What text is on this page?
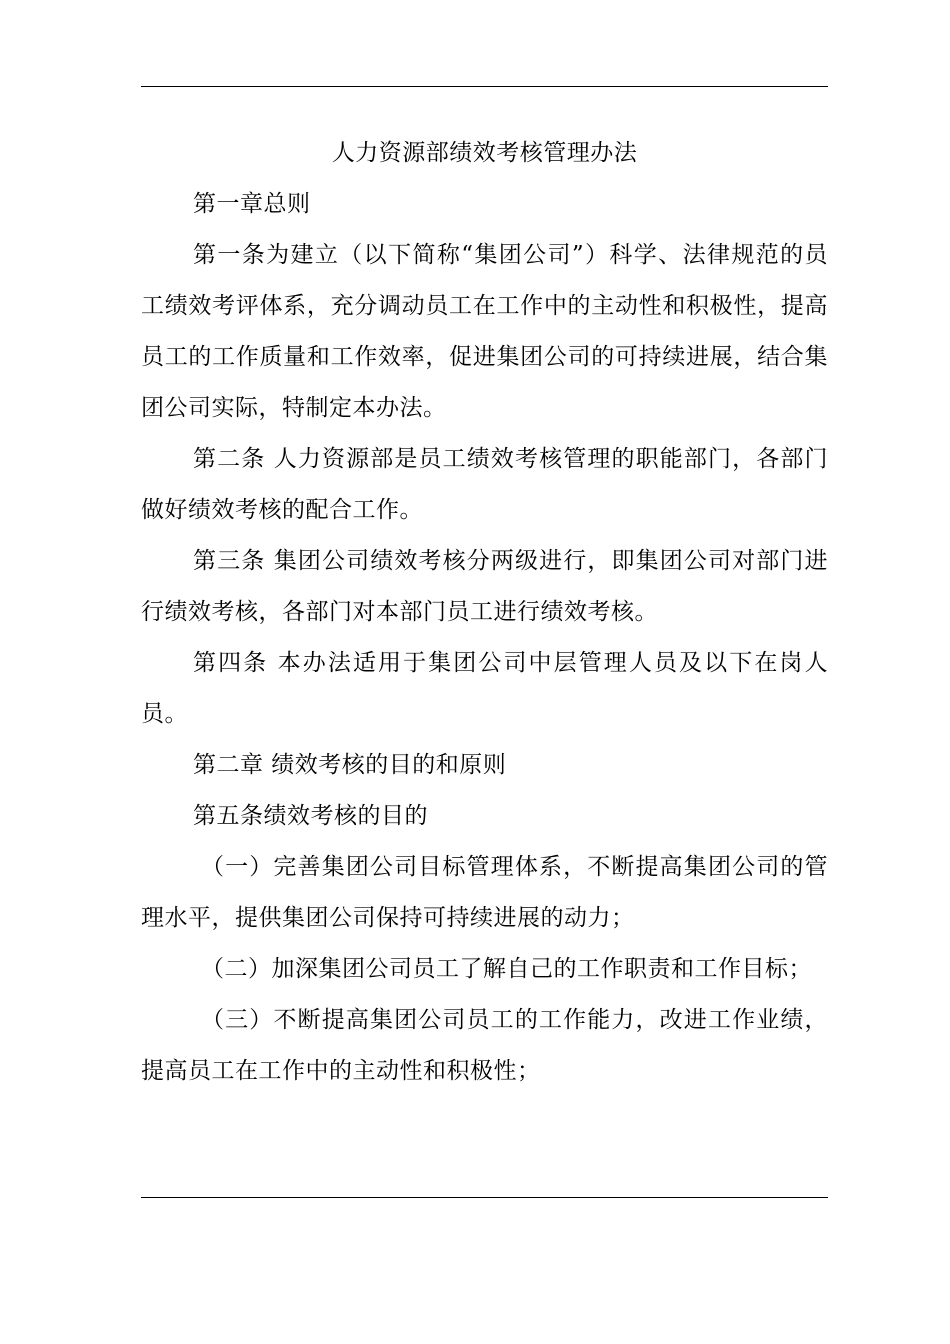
人力资源部绩效考核管理办法

第一章总则

第一条为建立（以下简称“集团公司”）科学、法律规范的员工绩效考评体系，充分调动员工在工作中的主动性和积极性，提高员工的工作质量和工作效率，促进集团公司的可持续进展，结合集团公司实际，特制定本办法。

第二条 人力资源部是员工绩效考核管理的职能部门，各部门做好绩效考核的配合工作。

第三条 集团公司绩效考核分两级进行，即集团公司对部门进行绩效考核，各部门对本部门员工进行绩效考核。

第四条 本办法适用于集团公司中层管理人员及以下在岗人员。

第二章 绩效考核的目的和原则

第五条绩效考核的目的

（一）完善集团公司目标管理体系，不断提高集团公司的管理水平，提供集团公司保持可持续进展的动力；

（二）加深集团公司员工了解自己的工作职责和工作目标；

（三）不断提高集团公司员工的工作能力，改进工作业绩，提高员工在工作中的主动性和积极性；
